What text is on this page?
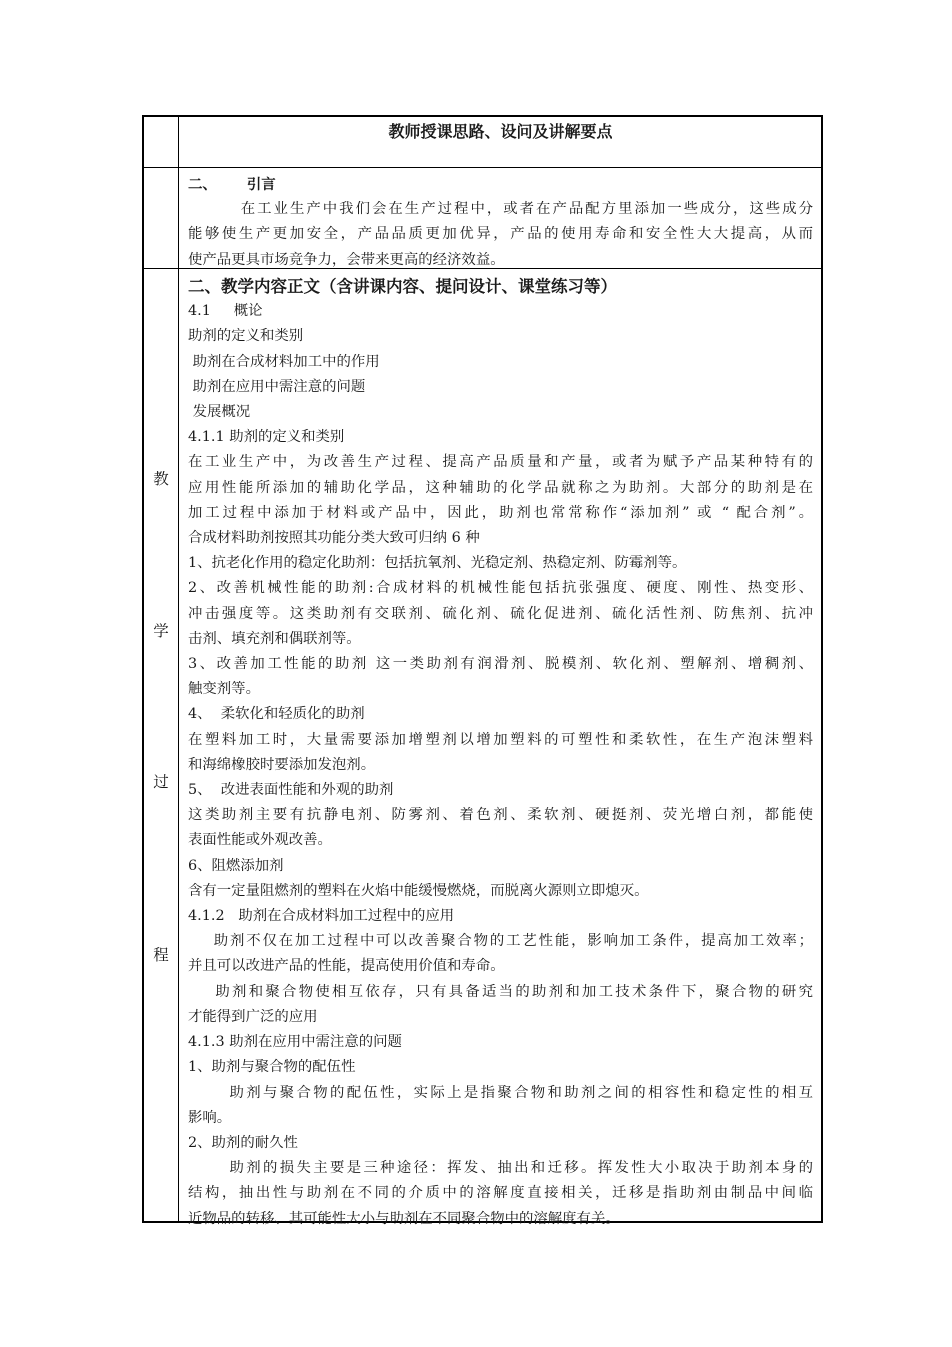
教师授课思路、设问及讲解要点
教
学
过
程
二、      引言
在工业生产中我们会在生产过程中，或者在产品配方里添加一些成分，这些成分
能够使生产更加安全，产品品质更加优异，产品的使用寿命和安全性大大提高，从而
使产品更具市场竞争力，会带来更高的经济效益。
二、教学内容正文（含讲课内容、提问设计、课堂练习等）
4.1     概论
助剂的定义和类别
助剂在合成材料加工中的作用
助剂在应用中需注意的问题
发展概况
4.1.1 助剂的定义和类别
在工业生产中，为改善生产过程、提高产品质量和产量，或者为赋予产品某种特有的
应用性能所添加的辅助化学品，这种辅助的化学品就称之为助剂。大部分的助剂是在
加工过程中添加于材料或产品中，因此，助剂也常常称作“添加剂” 或 “ 配合剂”。
合成材料助剂按照其功能分类大致可归纳 6 种
1、抗老化作用的稳定化助剂：包括抗氧剂、光稳定剂、热稳定剂、防霉剂等。
2、改善机械性能的助剂:合成材料的机械性能包括抗张强度、硬度、刚性、热变形、
冲击强度等。这类助剂有交联剂、硫化剂、硫化促进剂、硫化活性剂、防焦剂、抗冲
击剂、填充剂和偶联剂等。
3、改善加工性能的助剂 这一类助剂有润滑剂、脱模剂、软化剂、塑解剂、增稠剂、
触变剂等。
4、  柔软化和轻质化的助剂
在塑料加工时，大量需要添加增塑剂以增加塑料的可塑性和柔软性，在生产泡沫塑料
和海绵橡胶时要添加发泡剂。
5、  改进表面性能和外观的助剂
这类助剂主要有抗静电剂、防雾剂、着色剂、柔软剂、硬挺剂、荧光增白剂，都能使
表面性能或外观改善。
6、阻燃添加剂
含有一定量阻燃剂的塑料在火焰中能缓慢燃烧，而脱离火源则立即熄灭。
4.1.2   助剂在合成材料加工过程中的应用
助剂不仅在加工过程中可以改善聚合物的工艺性能，影响加工条件，提高加工效率；
并且可以改进产品的性能，提高使用价值和寿命。
助剂和聚合物使相互依存，只有具备适当的助剂和加工技术条件下，聚合物的研究
才能得到广泛的应用
4.1.3 助剂在应用中需注意的问题
1、助剂与聚合物的配伍性
助剂与聚合物的配伍性，实际上是指聚合物和助剂之间的相容性和稳定性的相互
影响。
2、助剂的耐久性
助剂的损失主要是三种途径：挥发、抽出和迁移。挥发性大小取决于助剂本身的
结构，抽出性与助剂在不同的介质中的溶解度直接相关，迁移是指助剂由制品中间临
近物品的转移、其可能性大小与助剂在不同聚合物中的溶解度有关。
